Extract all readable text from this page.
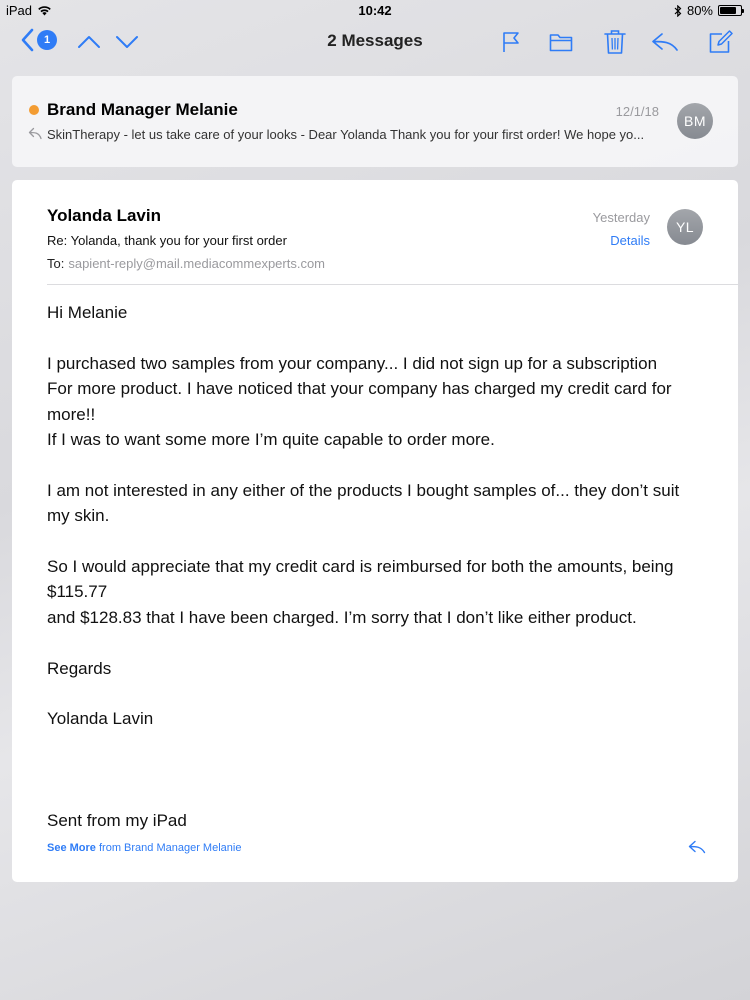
iPad	10:42	80%
1	2 Messages
Brand Manager Melanie	12/1/18
BM
SkinTherapy - let us take care of your looks - Dear Yolanda Thank you for your first order! We hope yo...
Yolanda Lavin	Yesterday
YL
Re: Yolanda, thank you for your first order	Details
To: sapient-reply@mail.mediacommexperts.com

Hi Melanie

I purchased two samples from your company... I did not sign up for a subscription
For more product. I have noticed that your company has charged my credit card for more!!
If I was to want some more I’m quite capable to order more.

I am not interested in any either of the products I bought samples of... they don’t suit my skin.

So I would appreciate that my credit card is reimbursed for both the amounts, being $115.77
and $128.83 that I have been charged. I’m sorry that I don’t like either product.

Regards

Yolanda Lavin

Sent from my iPad

See More from Brand Manager Melanie
